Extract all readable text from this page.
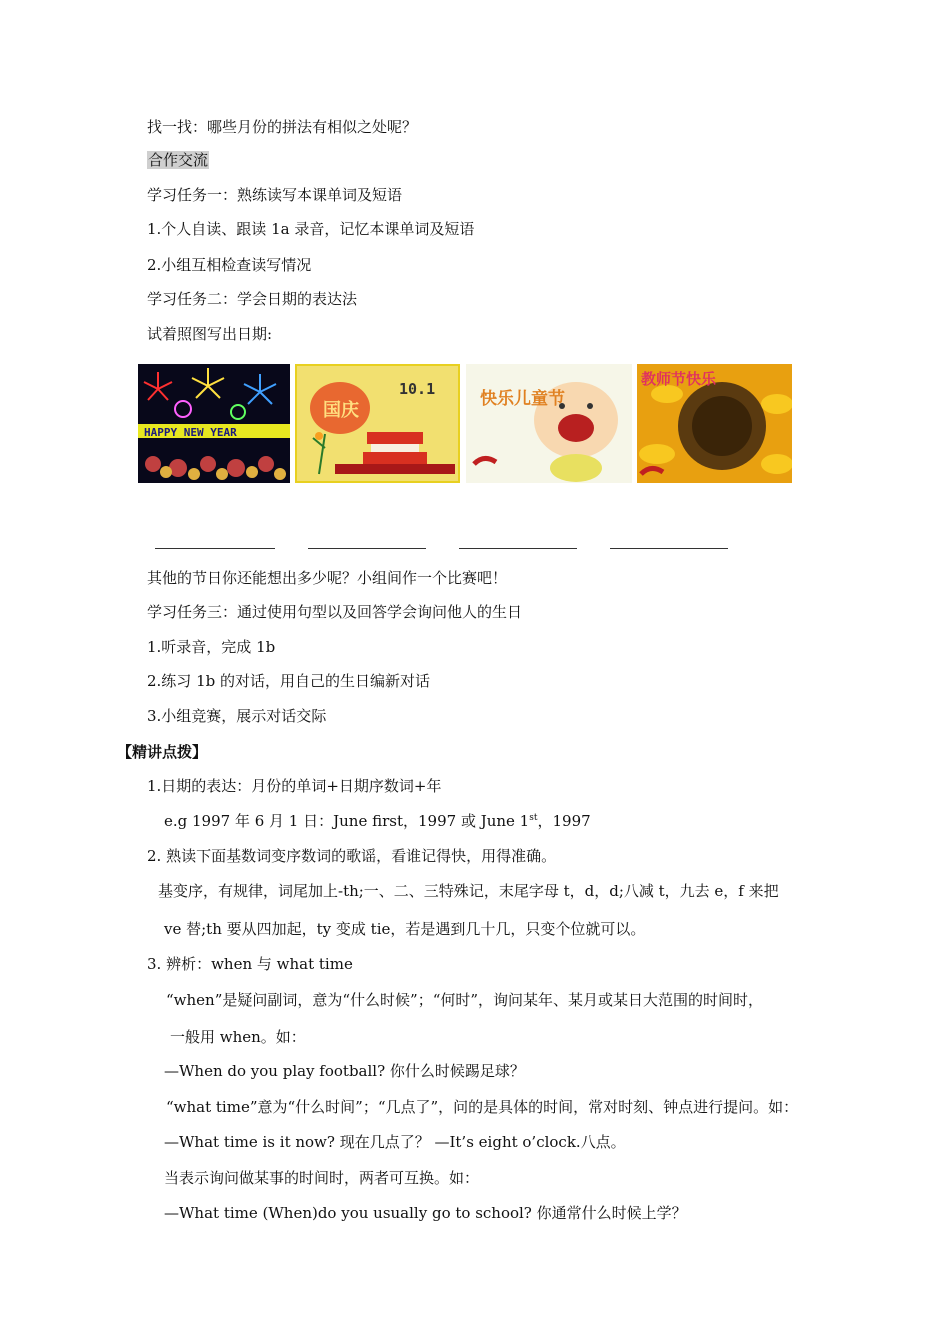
找一找：哪些月份的拼法有相似之处呢？
合作交流
学习任务一：熟练读写本课单词及短语
1.个人自读、跟读 1a 录音，记忆本课单词及短语
2.小组互相检查读写情况
学习任务二：学会日期的表达法
试着照图写出日期:
HAPPY NEW YEAR
国庆
10.1	快乐儿童节
教师节快乐
其他的节日你还能想出多少呢？小组间作一个比赛吧！
学习任务三：通过使用句型以及回答学会询问他人的生日
1.听录音，完成 1b
2.练习 1b 的对话，用自己的生日编新对话
3.小组竞赛，展示对话交际
【精讲点拨】
1.日期的表达：月份的单词+日期序数词+年
e.g 1997 年 6 月 1 日：June first，1997 或 June 1st，1997
2. 熟读下面基数词变序数词的歌谣，看谁记得快，用得准确。
基变序，有规律，词尾加上-th;一、二、三特殊记，末尾字母 t，d，d;八减 t，九去 e，f 来把
ve 替;th 要从四加起，ty 变成 tie，若是遇到几十几，只变个位就可以。
3. 辨析：when 与 what time
“when”是疑问副词，意为“什么时候”；“何时”，询问某年、某月或某日大范围的时间时，
一般用 when。如：
—When do you play football? 你什么时候踢足球？
“what time”意为“什么时间”；“几点了”，问的是具体的时间，常对时刻、钟点进行提问。如：
—What time is it now? 现在几点了？ —It’s eight o’clock.八点。
当表示询问做某事的时间时，两者可互换。如：
—What time (When)do you usually go to school? 你通常什么时候上学？
